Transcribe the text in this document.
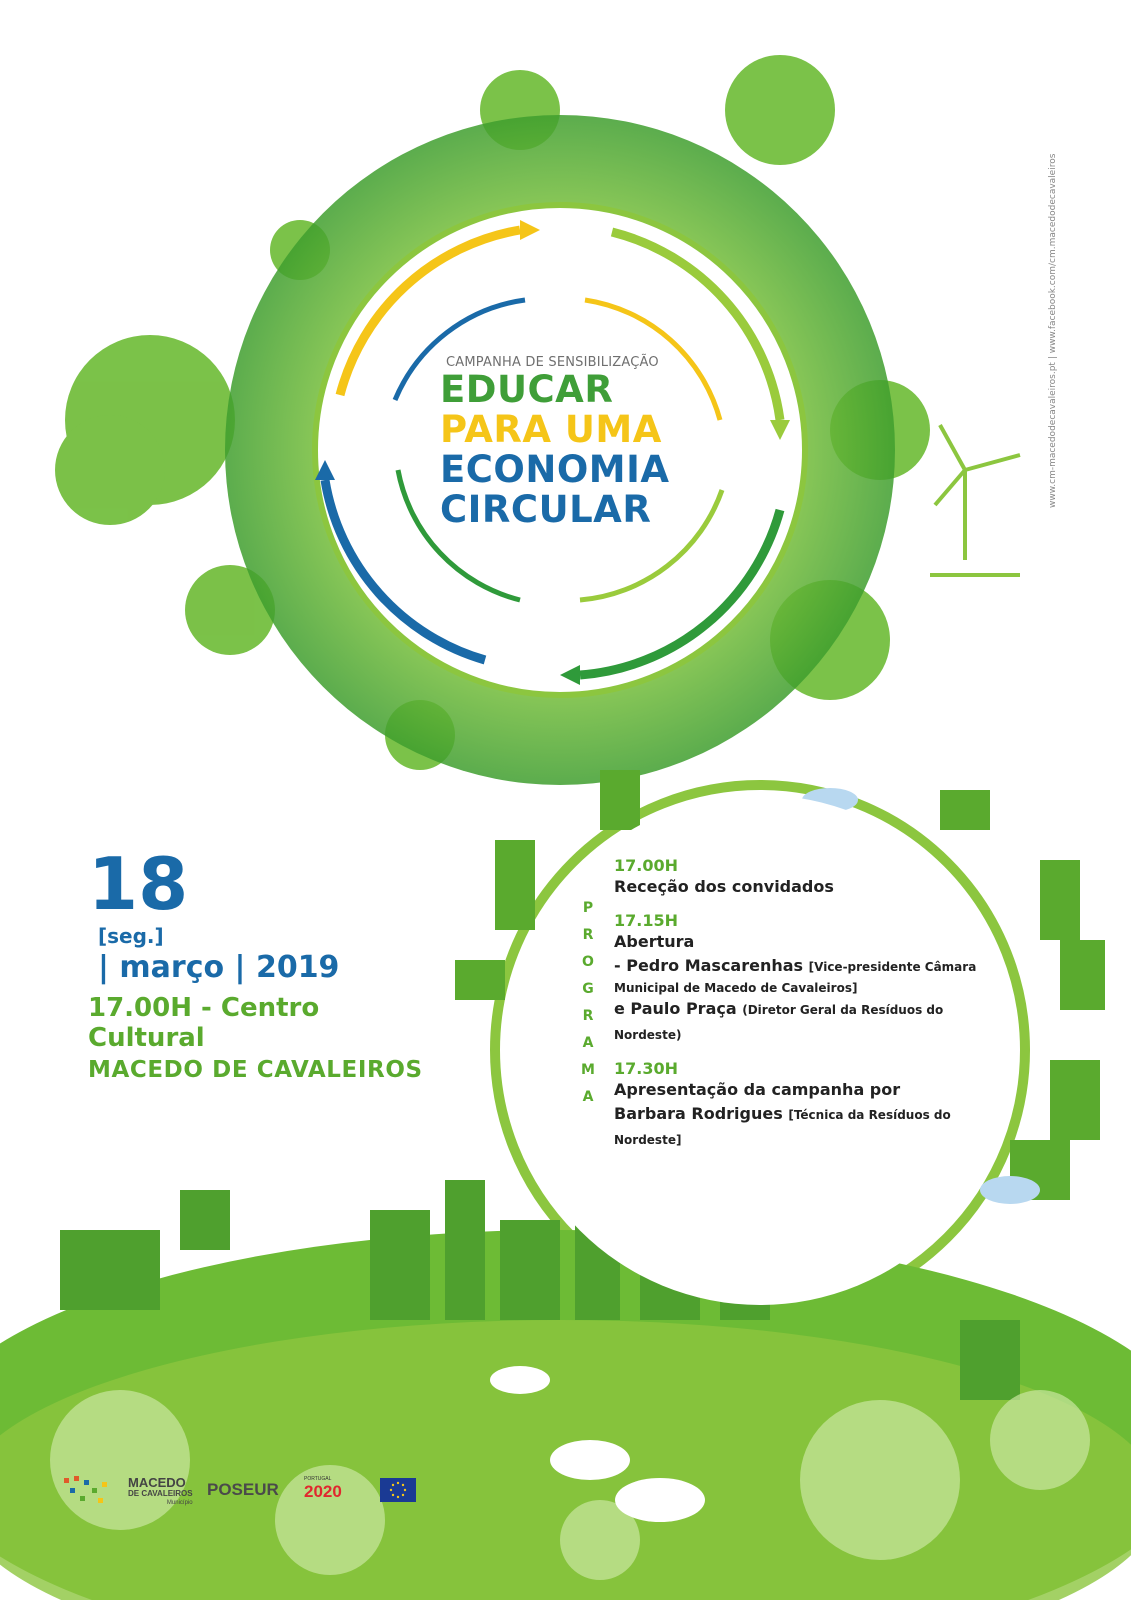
CAMPANHA DE SENSIBILIZAÇÃO
EDUCAR
PARA UMA
ECONOMIA
CIRCULAR
www.cm-macedodecavaleiros.pt | www.facebook.com/cm.macedodecavaleiros
18
[seg.]
| março | 2019
17.00H - Centro Cultural
MACEDO DE CAVALEIROS
P
R
O
G
R
A
M
A
17.00H
Receção dos convidados
17.15H
Abertura
- Pedro Mascarenhas [Vice-presidente Câmara
Municipal de Macedo de Cavaleiros]
e Paulo Praça (Diretor Geral da Resíduos do Nordeste)
17.30H
Apresentação da campanha por
Barbara Rodrigues [Técnica da Resíduos do Nordeste]
MACEDO
DE CAVALEIROS
Município
POSEUR
PORTUGAL
2020
